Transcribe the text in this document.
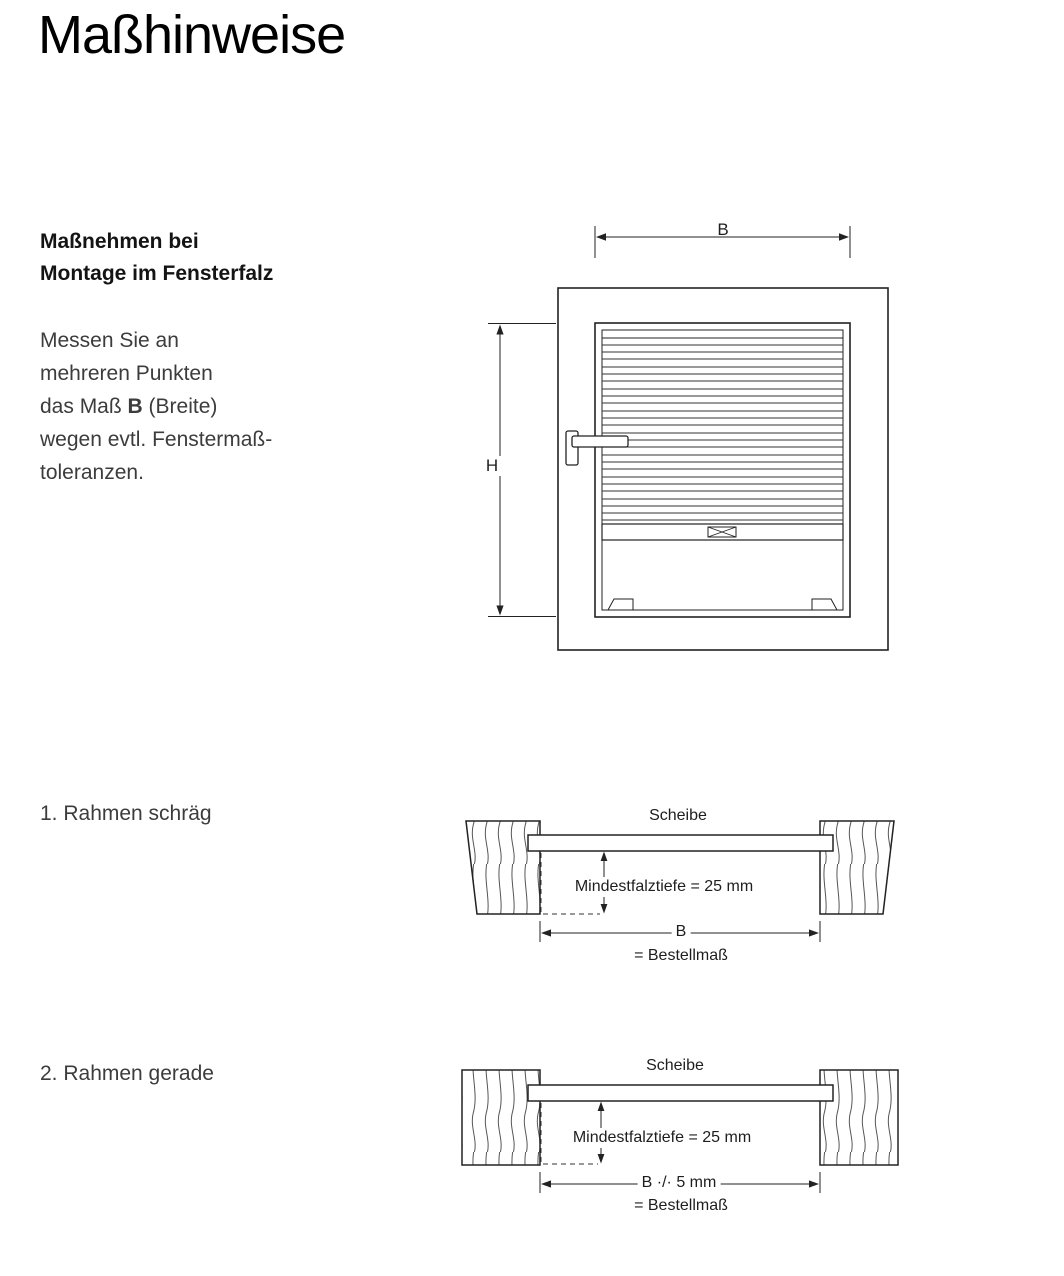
Maßhinweise
Maßnehmen bei
Montage im Fensterfalz
Messen Sie an
mehreren Punkten
das Maß B (Breite)
wegen evtl. Fenstermaß-
toleranzen.
B
H
1. Rahmen schräg	Scheibe
Mindestfalztiefe = 25 mm
B
= Bestellmaß
2. Rahmen gerade	Scheibe
Mindestfalztiefe = 25 mm
B ·/· 5 mm
= Bestellmaß
